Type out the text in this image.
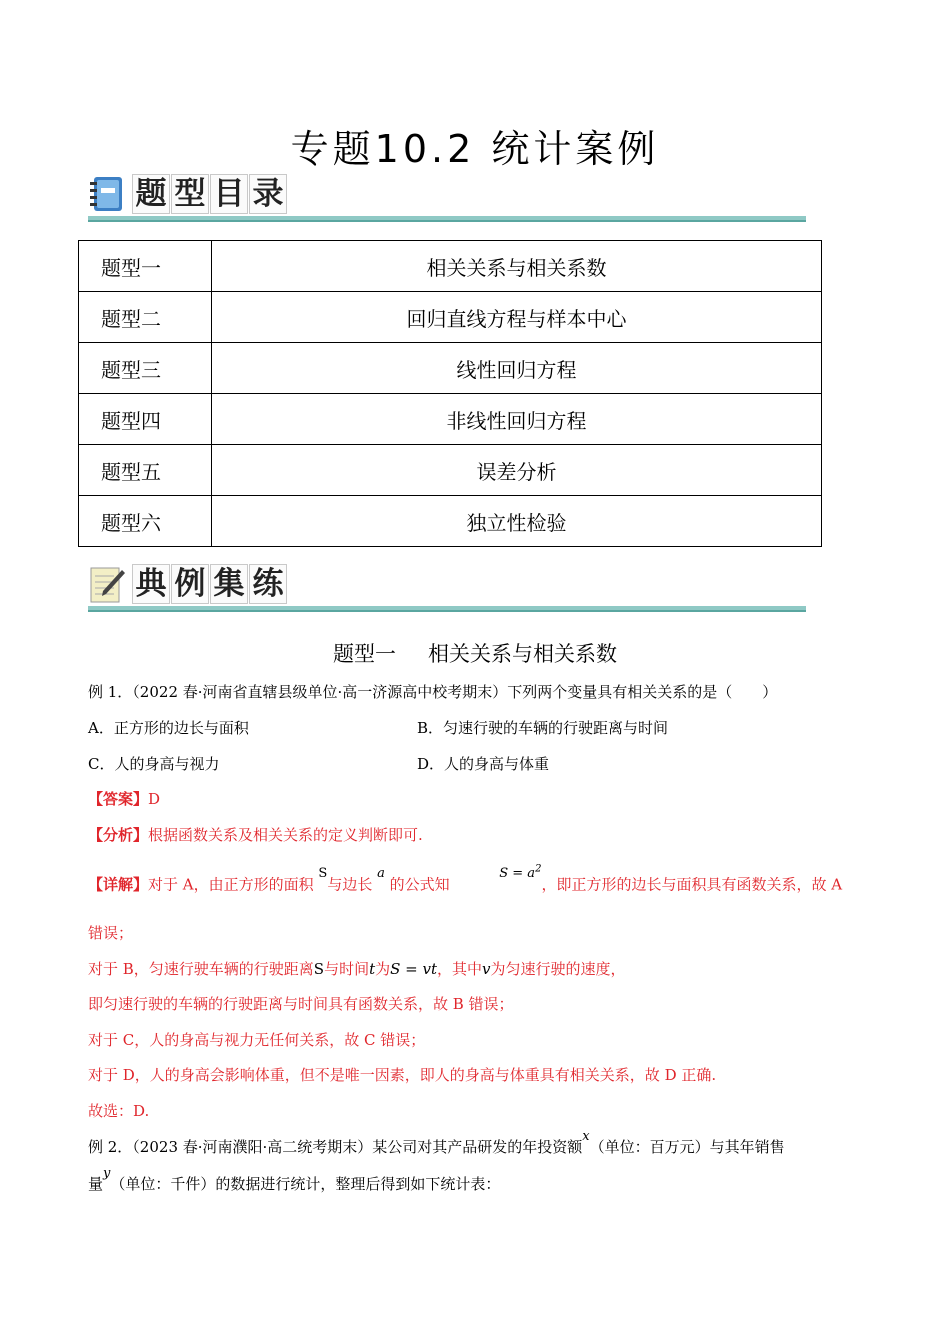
专题10.2 统计案例
题 型 目 录
题型一	相关关系与相关系数
题型二	回归直线方程与样本中心
题型三	线性回归方程
题型四	非线性回归方程
题型五	误差分析
题型六	独立性检验
典 例 集 练
题型一 相关关系与相关系数
例 1．（2022 春·河南省直辖县级单位·高一济源高中校考期末）下列两个变量具有相关关系的是（　　）
A．正方形的边长与面积	B．匀速行驶的车辆的行驶距离与时间
C．人的身高与视力	D．人的身高与体重
【答案】D
【分析】根据函数关系及相关关系的定义判断即可.
【详解】对于 A，由正方形的面积 S与边长 a 的公式知  $S = a^2$，即正方形的边长与面积具有函数关系，故 A
错误；
对于 B，匀速行驶车辆的行驶距离S与时间t为S = vt，其中v为匀速行驶的速度，
即匀速行驶的车辆的行驶距离与时间具有函数关系，故 B 错误；
对于 C，人的身高与视力无任何关系，故 C 错误；
对于 D，人的身高会影响体重，但不是唯一因素，即人的身高与体重具有相关关系，故 D 正确.
故选：D.
例 2．（2023 春·河南濮阳·高二统考期末）某公司对其产品研发的年投资额x（单位：百万元）与其年销售
量y（单位：千件）的数据进行统计，整理后得到如下统计表：
